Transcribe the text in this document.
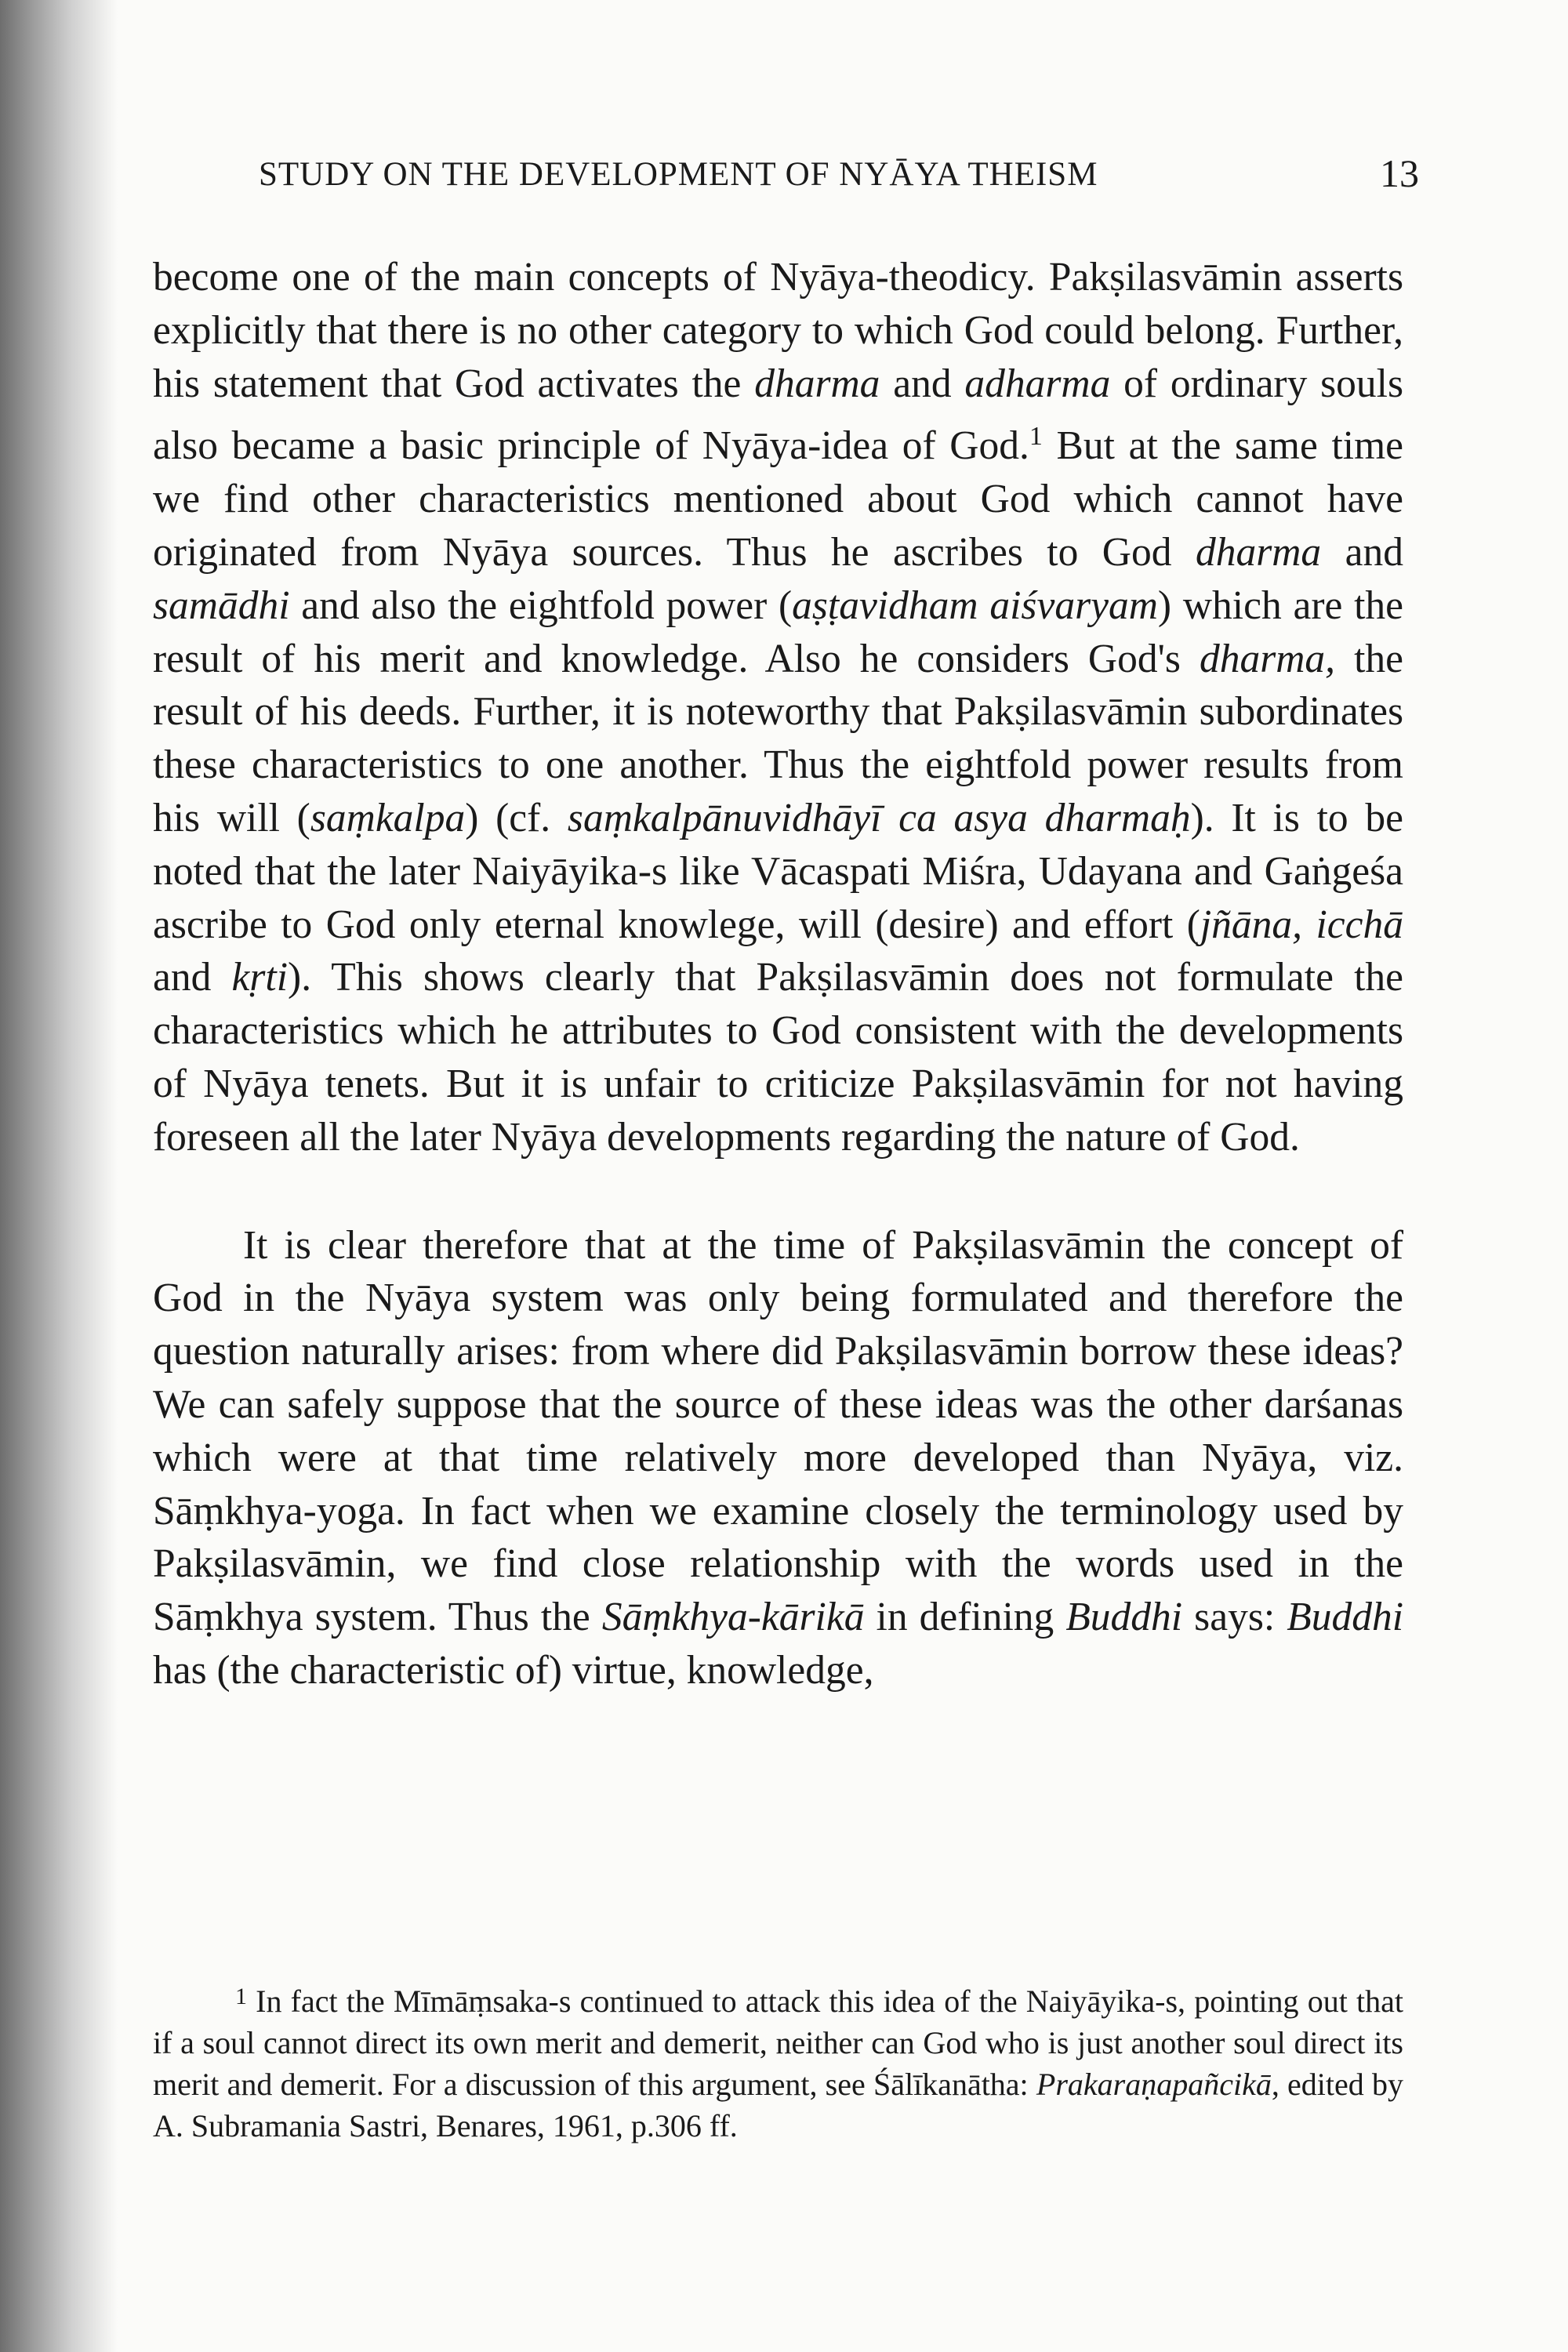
STUDY ON THE DEVELOPMENT OF NYĀYA THEISM	13

become one of the main concepts of Nyāya-theodicy. Pakṣilasvāmin asserts explicitly that there is no other category to which God could belong. Further, his statement that God activates the dharma and adharma of ordinary souls also became a basic principle of Nyāya-idea of God.$^1$ But at the same time we find other characteristics mentioned about God which cannot have originated from Nyāya sources. Thus he ascribes to God dharma and samādhi and also the eightfold power (aṣṭavidham aiśvaryam) which are the result of his merit and knowledge. Also he considers God's dharma, the result of his deeds. Further, it is noteworthy that Pakṣilasvāmin subordinates these characteristics to one another. Thus the eightfold power results from his will (saṃkalpa) (cf. saṃkalpānuvidhāyī ca asya dharmaḥ). It is to be noted that the later Naiyāyika-s like Vācaspati Miśra, Udayana and Gaṅgeśa ascribe to God only eternal knowlege, will (desire) and effort (jñāna, icchā and kṛti). This shows clearly that Pakṣilasvāmin does not formulate the characteristics which he attributes to God consistent with the developments of Nyāya tenets. But it is unfair to criticize Pakṣilasvāmin for not having foreseen all the later Nyāya developments regarding the nature of God.

It is clear therefore that at the time of Pakṣilasvāmin the concept of God in the Nyāya system was only being formulated and therefore the question naturally arises: from where did Pakṣilasvāmin borrow these ideas? We can safely suppose that the source of these ideas was the other darśanas which were at that time relatively more developed than Nyāya, viz. Sāṃkhya-yoga. In fact when we examine closely the terminology used by Pakṣilasvāmin, we find close relationship with the words used in the Sāṃkhya system. Thus the Sāṃkhya-kārikā in defining Buddhi says: Buddhi has (the characteristic of) virtue, knowledge,

$^1$ In fact the Mīmāṃsaka-s continued to attack this idea of the Naiyāyika-s, pointing out that if a soul cannot direct its own merit and demerit, neither can God who is just another soul direct its merit and demerit. For a discussion of this argument, see Śālīkanātha: Prakaraṇapañcikā, edited by A. Subramania Sastri, Benares, 1961, p.306 ff.
